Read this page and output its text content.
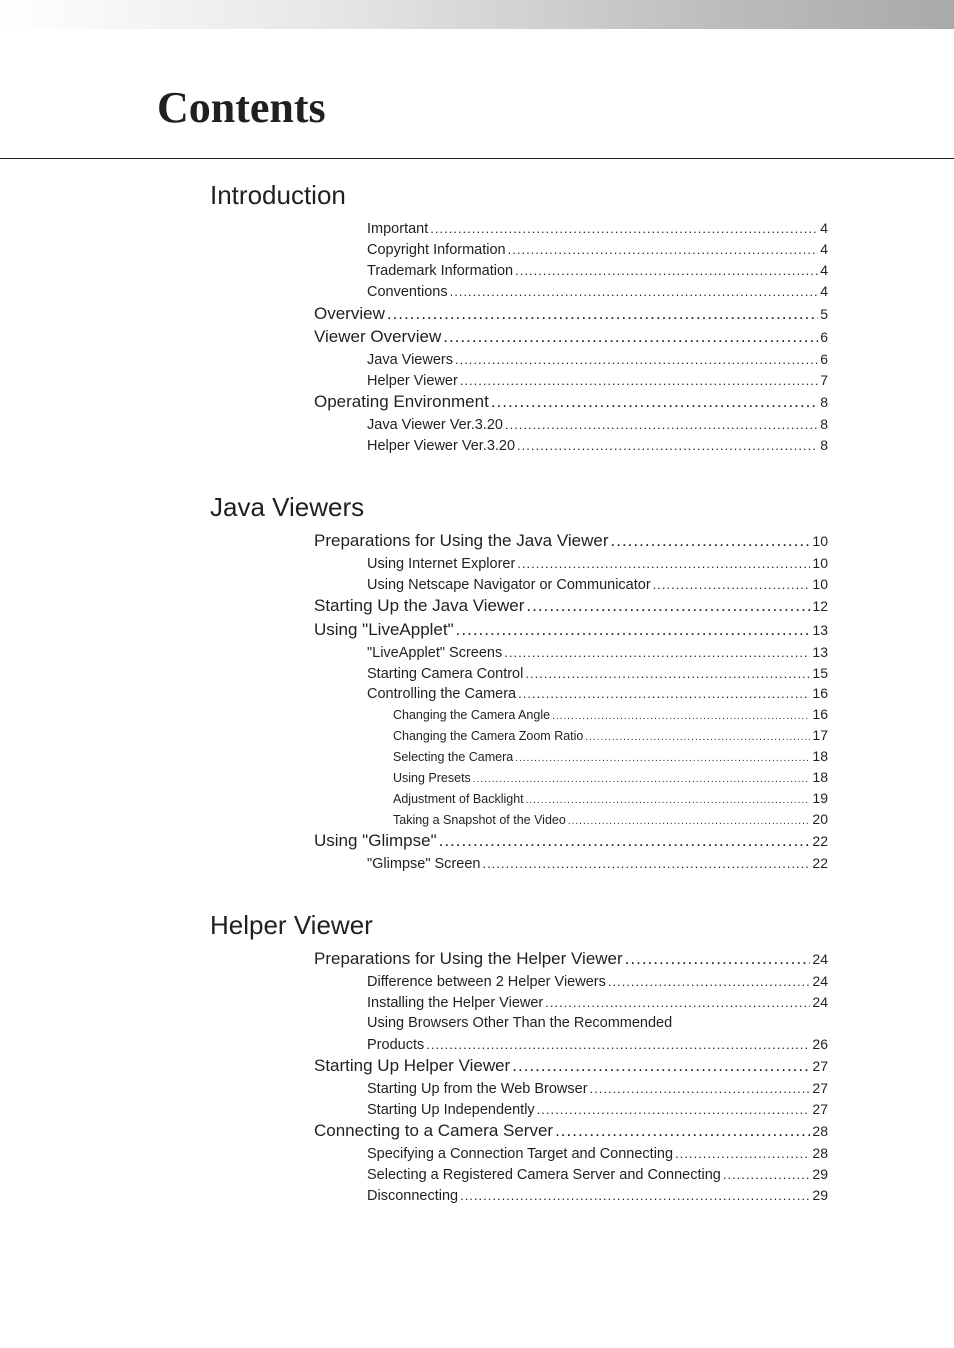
Contents
Introduction
Important .....	4
Copyright Information .....	4
Trademark Information .....	4
Conventions .....	4
Overview .....	5
Viewer Overview .....	6
Java Viewers .....	6
Helper Viewer .....	7
Operating Environment .....	8
Java Viewer Ver.3.20 .....	8
Helper Viewer Ver.3.20 .....	8
Java Viewers
Preparations for Using the Java Viewer .....	10
Using Internet Explorer .....	10
Using Netscape Navigator or Communicator .....	10
Starting Up the Java Viewer .....	12
Using "LiveApplet" .....	13
"LiveApplet" Screens .....	13
Starting Camera Control .....	15
Controlling the Camera .....	16
Changing the Camera Angle .....	16
Changing the Camera Zoom Ratio .....	17
Selecting the Camera .....	18
Using Presets .....	18
Adjustment of Backlight .....	19
Taking a Snapshot of the Video .....	20
Using "Glimpse" .....	22
"Glimpse" Screen .....	22
Helper Viewer
Preparations for Using the Helper Viewer .....	24
Difference between 2 Helper Viewers .....	24
Installing the Helper Viewer .....	24
Using Browsers Other Than the Recommended
Products .....	26
Starting Up Helper Viewer .....	27
Starting Up from the Web Browser .....	27
Starting Up Independently .....	27
Connecting to a Camera Server .....	28
Specifying a Connection Target and Connecting .....	28
Selecting a Registered Camera Server and Connecting .....	29
Disconnecting .....	29
